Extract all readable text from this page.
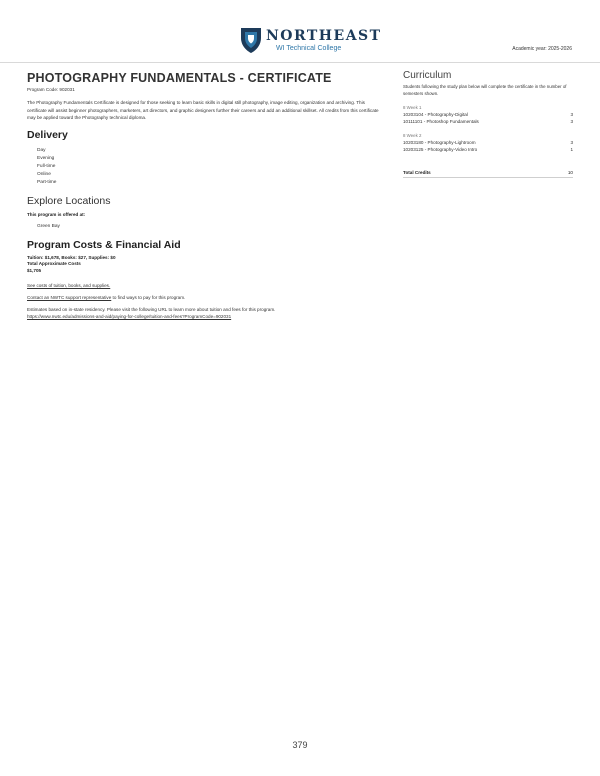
NORTHEAST
WI Technical College	Academic year: 2025-2026
PHOTOGRAPHY FUNDAMENTALS - CERTIFICATE
Program Code: 902031
The Photography Fundamentals Certificate is designed for those seeking to learn basic skills in digital still photography, image editing, organization and archiving. This certificate will assist beginner photographers, marketers, art directors, and graphic designers further their careers and add an additional skillset. All credits from this certificate may be applied toward the Photography technical diploma.
Delivery
Day
Evening
Full-time
Online
Part-time
Explore Locations
This program is offered at:
Green Bay
Program Costs & Financial Aid
Tuition: $1,678, Books: $27, Supplies: $0
Total Approximate Costs
$1,705
See costs of tuition, books, and supplies.
Contact an NWTC support representative to find ways to pay for this program.
Estimates based on in-state residency. Please visit the following URL to learn more about tuition and fees for this program.
https://www.nwtc.edu/admissions-and-aid/paying-for-college/tuition-and-fees?ProgramCode=902031
Curriculum
Students following the study plan below will complete the certificate in the number of semesters shown.
8 Week 1
10203104 - Photography-Digital	3
10111101 - Photoshop Fundamentals	3
8 Week 2
10203180 - Photography-Lightroom	3
10203125 - Photography-Video Intro	1
Total Credits	10
379
